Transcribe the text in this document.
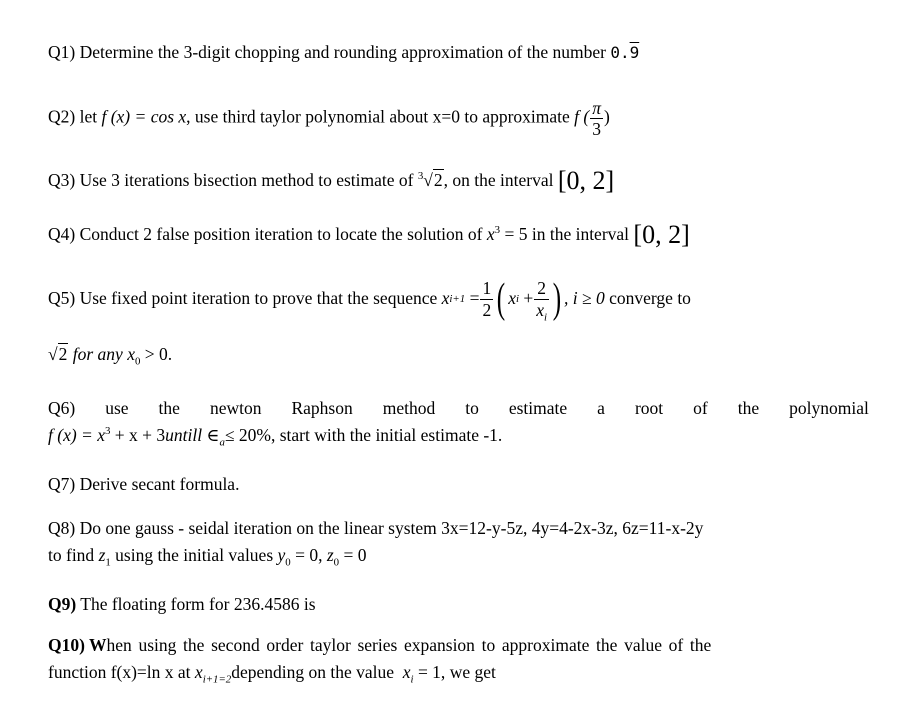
Q1) Determine the 3-digit chopping and rounding approximation of the number 0.9
Q2) let f (x) = cos x, use third taylor polynomial about x=0 to approximate f ( $\frac{\pi}{3}$ )
Q3) Use 3 iterations bisection method to estimate of $^3$√2, on the interval [0, 2]
Q4) Conduct 2 false position iteration to locate the solution of $x^3 = 5$ in the interval [0, 2]
Q5) Use fixed point iteration to prove that the sequence
x i+1
= $\frac{1}{2}$ ( x i
+ $\frac{2}{x_i}$ ) , i ≥ 0
converge to
√2 for any $x_0 > 0$.
Q6) use the newton Raphson method to estimate a root of the polynomial
f $(x) = x^3 + x$ + 3untill $\in_a\le 20\%$, start with the initial estimate -1.
Q7) Derive secant formula.
Q8) Do one gauss - seidal iteration on the linear system 3x=12-y-5z, 4y=4-2x-3z, 6z=11-x-2y
to find $z_1$ using the initial values $y_0 = 0$, $z_0 = 0$
Q9) The floating form for 236.4586 is
Q10) W hen using the second order taylor series expansion to approximate the value of the
function f(x)=ln x at $x_{i+1=2}depending$ on the value $x_i = 1$, we get
